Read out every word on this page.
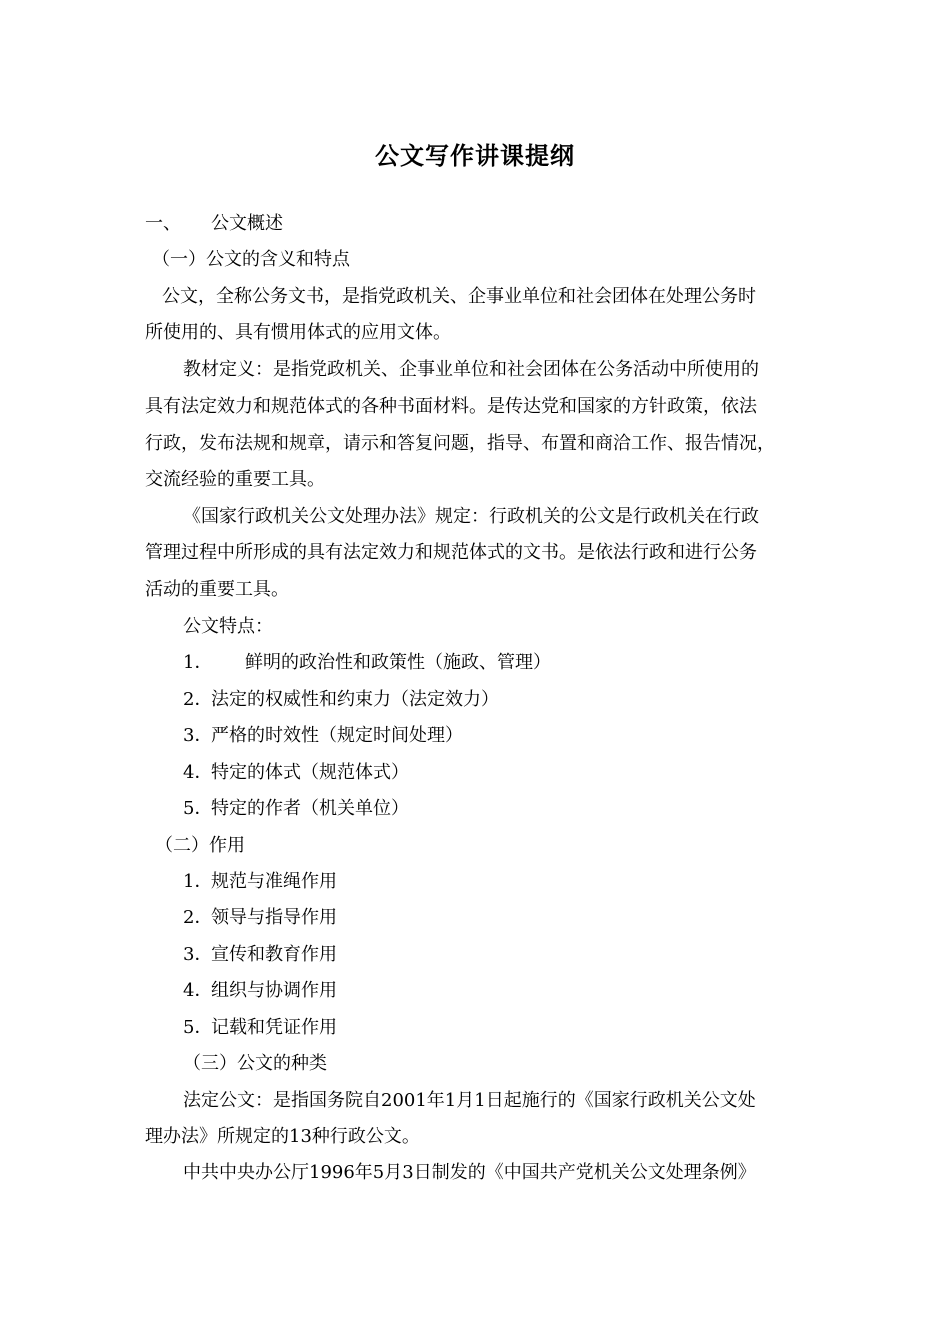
公文写作讲课提纲
一、 公文概述
（一）公文的含义和特点
公文，全称公务文书，是指党政机关、企事业单位和社会团体在处理公务时
所使用的、具有惯用体式的应用文体。
教材定义：是指党政机关、企事业单位和社会团体在公务活动中所使用的
具有法定效力和规范体式的各种书面材料。是传达党和国家的方针政策，依法
行政，发布法规和规章，请示和答复问题，指导、布置和商洽工作、报告情况，
交流经验的重要工具。
《国家行政机关公文处理办法》规定：行政机关的公文是行政机关在行政
管理过程中所形成的具有法定效力和规范体式的文书。是依法行政和进行公务
活动的重要工具。
公文特点：
1． 鲜明的政治性和政策性（施政、管理）
2．法定的权威性和约束力（法定效力）
3．严格的时效性（规定时间处理）
4．特定的体式（规范体式）
5．特定的作者（机关单位）
（二）作用
1．规范与准绳作用
2．领导与指导作用
3．宣传和教育作用
4．组织与协调作用
5．记载和凭证作用
（三）公文的种类
法定公文：是指国务院自2001年1月1日起施行的《国家行政机关公文处
理办法》所规定的13种行政公文。
中共中央办公厅1996年5月3日制发的《中国共产党机关公文处理条例》
